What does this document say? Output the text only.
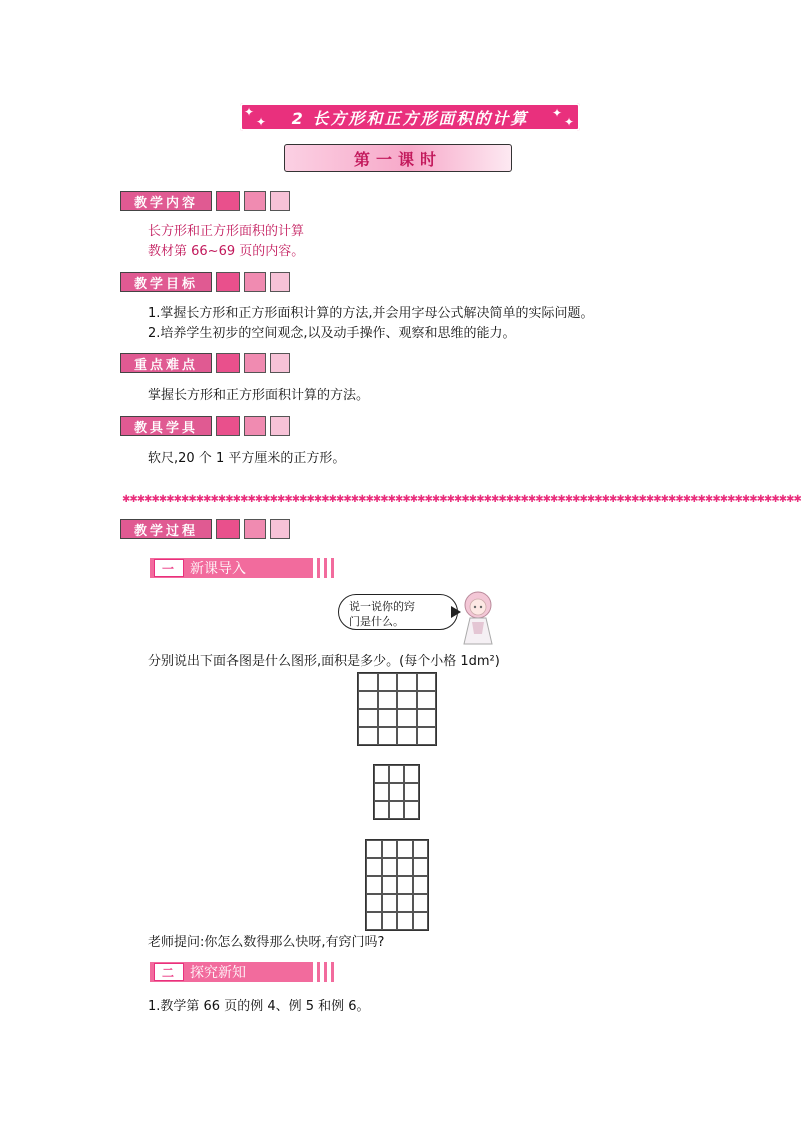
✦
✦ 2 长方形和正方形面积的计算 ✦
✦
第一课时
教学内容
长方形和正方形面积的计算
教材第 66~69 页的内容。
教学目标
1.掌握长方形和正方形面积计算的方法,并会用字母公式解决简单的实际问题。
2.培养学生初步的空间观念,以及动手操作、观察和思维的能力。
重点难点
掌握长方形和正方形面积计算的方法。
教具学具
软尺,20 个 1 平方厘米的正方形。
✱✱✱✱✱✱✱✱✱✱✱✱✱✱✱✱✱✱✱✱✱✱✱✱✱✱✱✱✱✱✱✱✱✱✱✱✱✱✱✱✱✱✱✱✱✱✱✱✱✱✱✱✱✱✱✱✱✱✱✱✱✱✱✱✱✱✱✱✱✱✱✱✱✱✱✱✱✱✱✱✱✱✱✱✱✱✱✱✱✱✱✱
教学过程
一	新课导入
说一说你的窍
门是什么。
分别说出下面各图是什么图形,面积是多少。(每个小格 1dm²)
老师提问:你怎么数得那么快呀,有窍门吗?
二	探究新知
1.教学第 66 页的例 4、例 5 和例 6。
